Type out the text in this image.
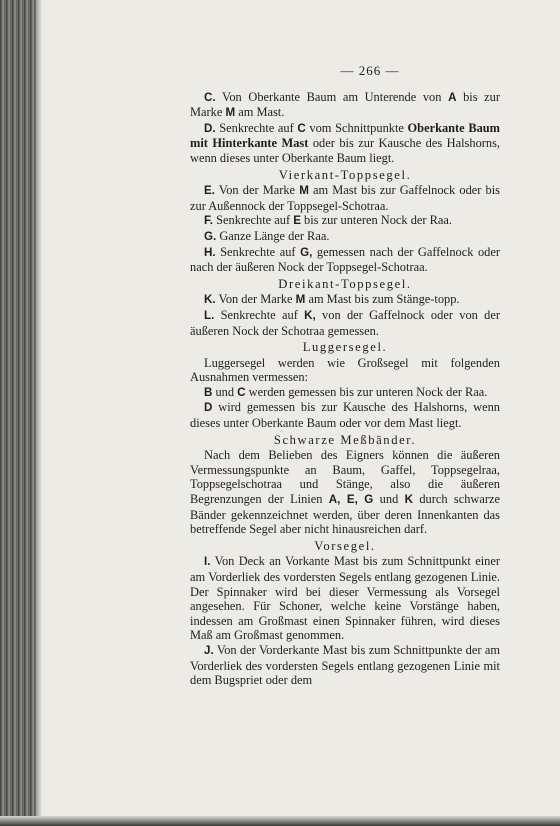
— 266 —

C. Von Oberkante Baum am Unterende von A bis zur Marke M am Mast.

D. Senkrechte auf C vom Schnittpunkte Oberkante Baum mit Hinterkante Mast oder bis zur Kausche des Halshorns, wenn dieses unter Oberkante Baum liegt.

Vierkant-Toppsegel.

E. Von der Marke M am Mast bis zur Gaffelnock oder bis zur Außennock der Toppsegel-Schotraa.

F. Senkrechte auf E bis zur unteren Nock der Raa.

G. Ganze Länge der Raa.

H. Senkrechte auf G, gemessen nach der Gaffelnock oder nach der äußeren Nock der Toppsegel-Schotraa.

Dreikant-Toppsegel.

K. Von der Marke M am Mast bis zum Stänge-topp.

L. Senkrechte auf K, von der Gaffelnock oder von der äußeren Nock der Schotraa gemessen.

Luggersegel.

Luggersegel werden wie Großsegel mit folgenden Ausnahmen vermessen:

B und C werden gemessen bis zur unteren Nock der Raa.

D wird gemessen bis zur Kausche des Halshorns, wenn dieses unter Oberkante Baum oder vor dem Mast liegt.

Schwarze Meßbänder.

Nach dem Belieben des Eigners können die äußeren Vermessungspunkte an Baum, Gaffel, Toppsegelraa, Toppsegelschotraa und Stänge, also die äußeren Begrenzungen der Linien A, E, G und K durch schwarze Bänder gekennzeichnet werden, über deren Innenkanten das betreffende Segel aber nicht hinausreichen darf.

Vorsegel.

I. Von Deck an Vorkante Mast bis zum Schnittpunkt einer am Vorderliek des vordersten Segels entlang gezogenen Linie. Der Spinnaker wird bei dieser Vermessung als Vorsegel angesehen. Für Schoner, welche keine Vorstänge haben, indessen am Großmast einen Spinnaker führen, wird dieses Maß am Großmast genommen.

J. Von der Vorderkante Mast bis zum Schnittpunkte der am Vorderliek des vordersten Segels entlang gezogenen Linie mit dem Bugspriet oder dem
